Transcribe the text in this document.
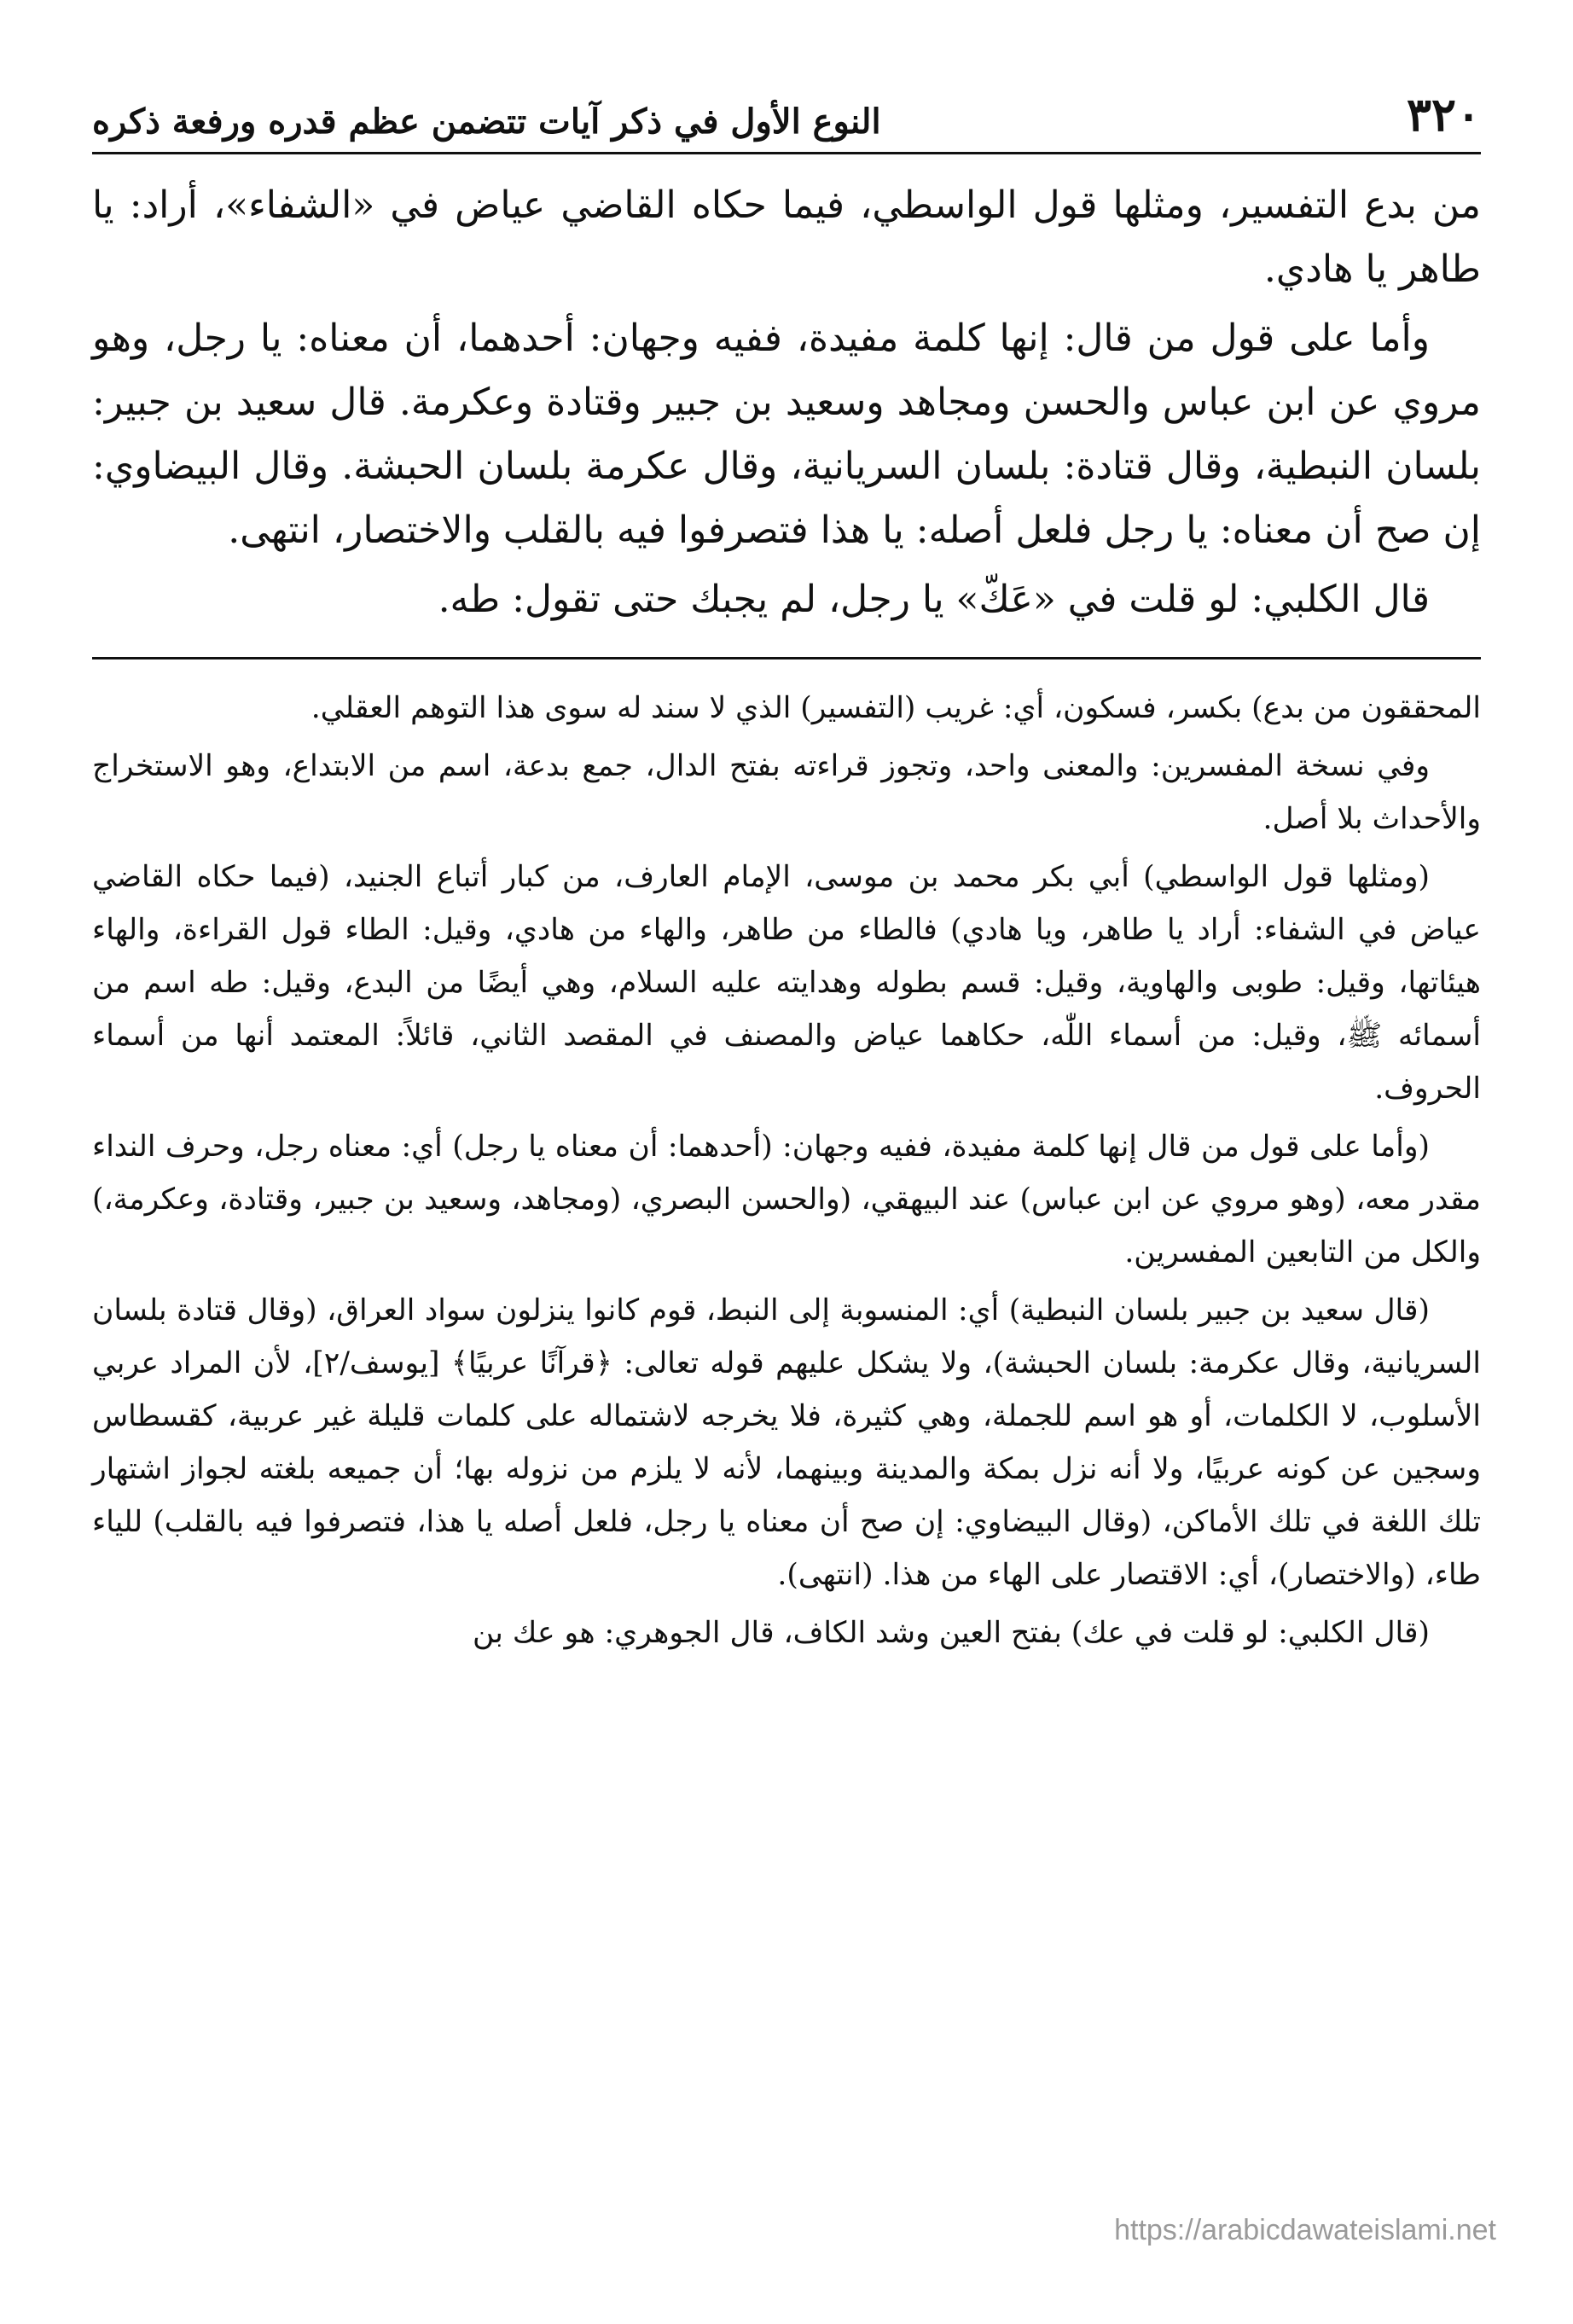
٣٢٠
النوع الأول في ذكر آيات تتضمن عظم قدره ورفعة ذكره

من بدع التفسير، ومثلها قول الواسطي، فيما حكاه القاضي عياض في «الشفاء»، أراد: يا طاهر يا هادي.

وأما على قول من قال: إنها كلمة مفيدة، ففيه وجهان: أحدهما، أن معناه: يا رجل، وهو مروي عن ابن عباس والحسن ومجاهد وسعيد بن جبير وقتادة وعكرمة. قال سعيد بن جبير: بلسان النبطية، وقال قتادة: بلسان السريانية، وقال عكرمة بلسان الحبشة. وقال البيضاوي: إن صح أن معناه: يا رجل فلعل أصله: يا هذا فتصرفوا فيه بالقلب والاختصار، انتهى.

قال الكلبي: لو قلت في «عَكّ» يا رجل، لم يجبك حتى تقول: طه.

المحققون من بدع) بكسر، فسكون، أي: غريب (التفسير) الذي لا سند له سوى هذا التوهم العقلي.

وفي نسخة المفسرين: والمعنى واحد، وتجوز قراءته بفتح الدال، جمع بدعة، اسم من الابتداع، وهو الاستخراج والأحداث بلا أصل.

(ومثلها قول الواسطي) أبي بكر محمد بن موسى، الإمام العارف، من كبار أتباع الجنيد، (فيما حكاه القاضي عياض في الشفاء: أراد يا طاهر، ويا هادي) فالطاء من طاهر، والهاء من هادي، وقيل: الطاء قول القراءة، والهاء هيئاتها، وقيل: طوبى والهاوية، وقيل: قسم بطوله وهدايته عليه السلام، وهي أيضًا من البدع، وقيل: طه اسم من أسمائه ﷺ، وقيل: من أسماء اللّٰه، حكاهما عياض والمصنف في المقصد الثاني، قائلاً: المعتمد أنها من أسماء الحروف.

(وأما على قول من قال إنها كلمة مفيدة، ففيه وجهان: (أحدهما: أن معناه يا رجل) أي: معناه رجل، وحرف النداء مقدر معه، (وهو مروي عن ابن عباس) عند البيهقي، (والحسن البصري، (ومجاهد، وسعيد بن جبير، وقتادة، وعكرمة،) والكل من التابعين المفسرين.

(قال سعيد بن جبير بلسان النبطية) أي: المنسوبة إلى النبط، قوم كانوا ينزلون سواد العراق، (وقال قتادة بلسان السريانية، وقال عكرمة: بلسان الحبشة)، ولا يشكل عليهم قوله تعالى: ﴿قرآنًا عربيًا﴾ [يوسف/٢]، لأن المراد عربي الأسلوب، لا الكلمات، أو هو اسم للجملة، وهي كثيرة، فلا يخرجه لاشتماله على كلمات قليلة غير عربية، كقسطاس وسجين عن كونه عربيًا، ولا أنه نزل بمكة والمدينة وبينهما، لأنه لا يلزم من نزوله بها؛ أن جميعه بلغته لجواز اشتهار تلك اللغة في تلك الأماكن، (وقال البيضاوي: إن صح أن معناه يا رجل، فلعل أصله يا هذا، فتصرفوا فيه بالقلب) للياء طاء، (والاختصار)، أي: الاقتصار على الهاء من هذا. (انتهى).

(قال الكلبي: لو قلت في عك) بفتح العين وشد الكاف، قال الجوهري: هو عك بن

https://arabicdawateislami.net
